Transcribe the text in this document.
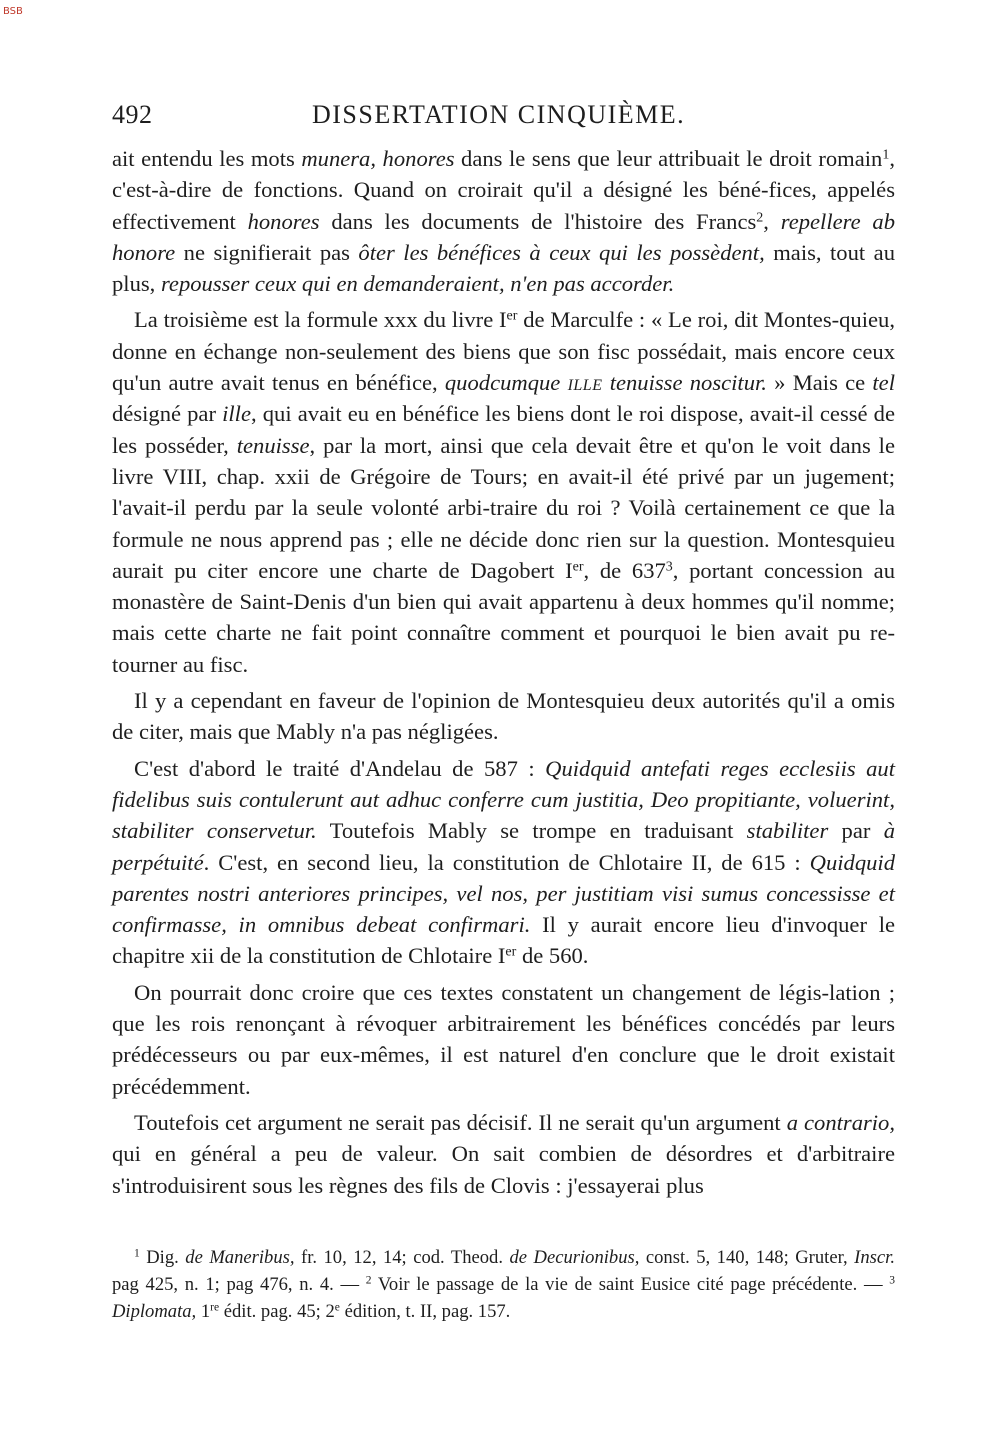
BSB
492	DISSERTATION CINQUIÈME.

ait entendu les mots munera, honores dans le sens que leur attribuait le droit romain$^1$, c'est-à-dire de fonctions. Quand on croirait qu'il a désigné les béné-fices, appelés effectivement honores dans les documents de l'histoire des Francs$^2$, repellere ab honore ne signifierait pas ôter les bénéfices à ceux qui les possèdent, mais, tout au plus, repousser ceux qui en demanderaient, n'en pas accorder.

La troisième est la formule xxx du livre Ier de Marculfe : « Le roi, dit Montes-quieu, donne en échange non-seulement des biens que son fisc possédait, mais encore ceux qu'un autre avait tenus en bénéfice, quodcumque ille tenuisse noscitur. » Mais ce tel désigné par ille, qui avait eu en bénéfice les biens dont le roi dispose, avait-il cessé de les posséder, tenuisse, par la mort, ainsi que cela devait être et qu'on le voit dans le livre VIII, chap. xxii de Grégoire de Tours; en avait-il été privé par un jugement; l'avait-il perdu par la seule volonté arbi-traire du roi ? Voilà certainement ce que la formule ne nous apprend pas ; elle ne décide donc rien sur la question. Montesquieu aurait pu citer encore une charte de Dagobert Ier, de $637^3$, portant concession au monastère de Saint-Denis d'un bien qui avait appartenu à deux hommes qu'il nomme; mais cette charte ne fait point connaître comment et pourquoi le bien avait pu re-tourner au fisc.

Il y a cependant en faveur de l'opinion de Montesquieu deux autorités qu'il a omis de citer, mais que Mably n'a pas négligées.

C'est d'abord le traité d'Andelau de 587 : Quidquid antefati reges ecclesiis aut fidelibus suis contulerunt aut adhuc conferre cum justitia, Deo propitiante, voluerint, stabiliter conservetur. Toutefois Mably se trompe en traduisant stabiliter par à perpétuité. C'est, en second lieu, la constitution de Chlotaire II, de 615 : Quidquid parentes nostri anteriores principes, vel nos, per justitiam visi sumus concessisse et confirmasse, in omnibus debeat confirmari. Il y aurait encore lieu d'invoquer le chapitre xii de la constitution de Chlotaire Ier de 560.

On pourrait donc croire que ces textes constatent un changement de légis-lation ; que les rois renonçant à révoquer arbitrairement les bénéfices concédés par leurs prédécesseurs ou par eux-mêmes, il est naturel d'en conclure que le droit existait précédemment.

Toutefois cet argument ne serait pas décisif. Il ne serait qu'un argument a contrario, qui en général a peu de valeur. On sait combien de désordres et d'arbitraire s'introduisirent sous les règnes des fils de Clovis : j'essayerai plus

$^1$ Dig. de Maneribus, fr. 10, 12, 14; cod. Theod. de Decurionibus, const. 5, 140, 148; Gruter, Inscr. pag 425, n. 1; pag 476, n. 4. — $^2$ Voir le passage de la vie de saint Eusice cité page précédente. — $^3$ Diplomata, 1re édit. pag. 45; 2e édition, t. II, pag. 157.
